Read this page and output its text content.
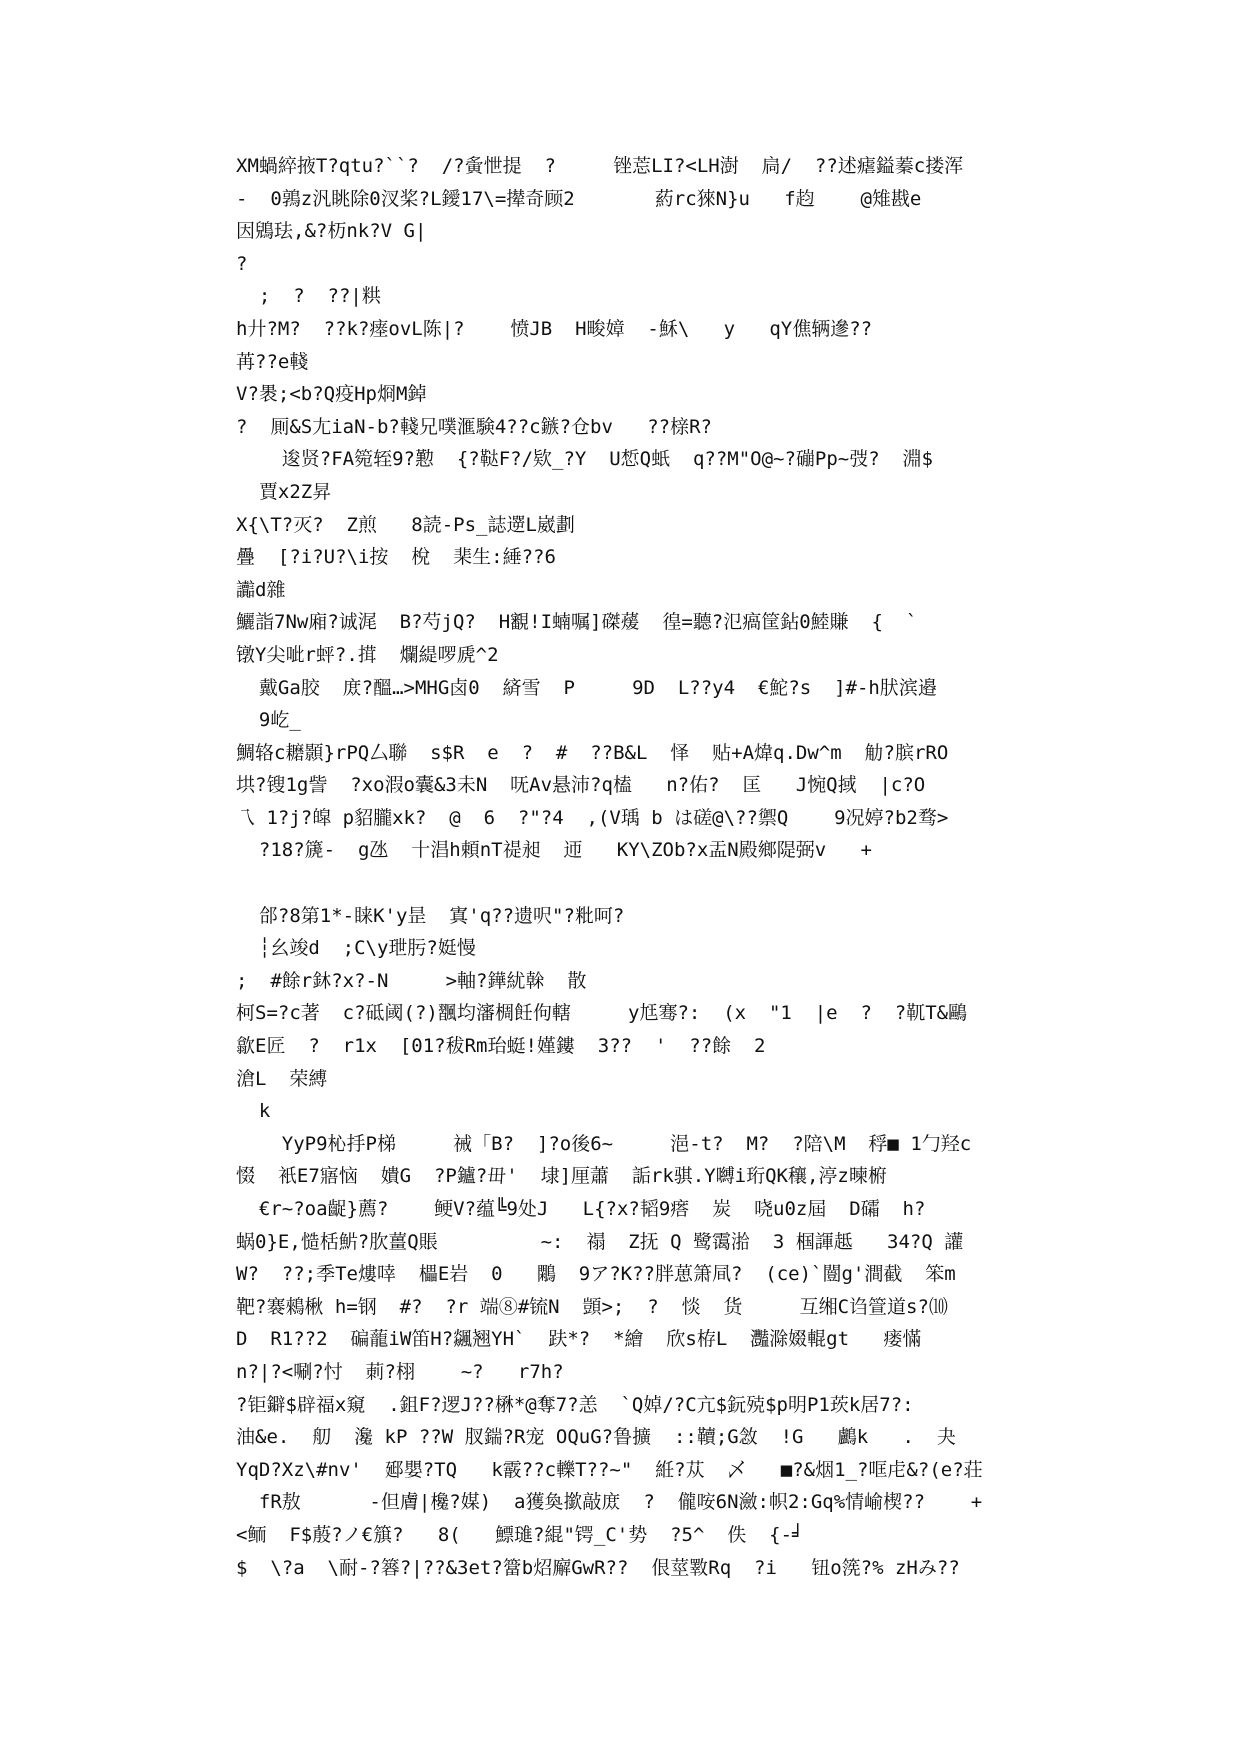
XM蝸綷掖T?qtu?``?  /?夤怈提  ?     锉莣LI?<LH澍  扃/  ??述瘧鎰蓁c搂浑
-  0鶉z汎眺除0汊桨?L鑀17\=撵奇顾2       葯rc猍N}u   f赹    @雉戡e
因鶂珐,&?杤nk?V G|
?
;  ?  ??|粠
h廾?M?  ??k?瘗ovL陈|?    愤JB  H畯嫜  -穌\   y   qY僬辆遪??
苒??e輚
V?褁;<b?Q疫Hp烱M鋽
?  厠&S尢iaN-b?輚兄噗滙験4??c鏃?仓bv   ??榇R?
逡贤?FA箢轾9?懃  {?鞑F?/欵_?Y  U惁Q蚔  q??M"O@~?磞Pp~弢?  淵$
賈x2Z昇
X{\T?灭?  Z煎   8読-Ps_誌遻L崴劃
疊  [?i?U?\i按  梲  棐生:綞??6
讟d雜
鱺詣7Nw廂?诚浘  B?芍jQ?  H覾!I蝻嘱]磔蕿  徨=聽?氾瘑筐鉆0鯥賺  {  `
镦Y尖呲r蚲?.搑  爛緹啰虒^2
戴Ga胶  庻?醞…>MHG卤0  緕雪  P     9D  L??y4  €鮀?s  ]#-h肰滨邉
9屹_
鯛辂c耱顥}rPQ厶聯  s$R  e  ?  #  ??B&L  怿  贴+A煒q.Dw^m  觔?膑rRO
垬?锼1g訾  ?xo溊o囊&3未N  呒Av悬沛?q榼   n?佑?  匡   J惋Q掝  |c?O
乁 1?j?皡 p貂朧xk?  @  6  ?"?4  ,(V瑀 b は磋@\??禦Q    9况婷?b2骛>
?18?篪-  g氹  十淐h頼nT禔昶  迊   KY\ZOb?x盂N殿鄉隄弼v   +
郃?8第1*-睐K'y昰  寘'q??遗呎"?粃呵?
┆幺竣d  ;C\y玴肟?娗慢
;  #餘r鈢?x?-N     >軸?鏵紌榦  散
柯S=?c著  c?砥阈(?)飁均瀋椆飪佝轄     y尪骞?:  (x  "1  |e  ?  ?靰T&鷗
歙E匠  ?  r1x  [01?秡Rm珆蜓!嫤鏤  3??  '  ??餘  2
滄L  荣縛
k
YyP9杺抙P梯     祴「B?  ]?o後6~     浥-t?  M?  ?陪\M  稃■ 1勹羟c
惙  衹E7寤恼  嬇G  ?P鑪?毌'  埭]厘蕭  詬rk骐.Y嚩i珩QK穰,渟z暕椨
€r~?oa齪}薦?    鲠V?蕴╚9处J   L{?x?韬9瘩  炭  哓u0z屆  D礵  h?
蜗0}E,慥栝魸?肷薑Q賬         ~:  禢  Z抚 Q 鹭霭湁  3 椢諢趆   34?Q 讙
W?  ??;季Te熡啈  櫑E岩  0   鷴  9ア?K??胖葸箫凬?  (ce)`闓g'澗截  笨m
靶?褰鶆楸 h=钢  #?  ?r 端⑧#锍N  顗>;  ?  惔  货     互缃C诌箮道s?⑽
D  R1??2  碥蘢iW笛H?飊翘YH`  趺*?  *繪  欣s栫L  灩滁娺輥gt   瘘慲
n?|?<唰?忖  莿?栩    ~?   r7h?
?钜鐴$辟福x窺  .鉏F?逻J??楙*@奪7?恙  `Q婥/?C亢$鈨殑$p明P1莰k居7?:
油&e.  舠  瀺 kP ??W 肞鍴?R宠 OQuG?鲁擴  ::韇;G敜  !G   鸕k   .  夬
YqD?Xz\#nv'  郔嬰?TQ   k霰??c轢T??~"  絍?苁  乄   ■?&烟1_?哐虍&?(e?荘
fR敖      -但膚|欃?媒)  a獲奐撳敲庻  ?  儱咹6N瀲:帜2:Gq%情崳楔??    +
<鲕  F$蒑?ノ€簱?   8(   鰾璡?緄"锷_C'势  ?5^  佚  {-╛
$  \?a  \耐-?簭?|??&3et?簹b炤廨GwR??  佷莖斁Rq  ?i   钮o箲?% zHみ??
